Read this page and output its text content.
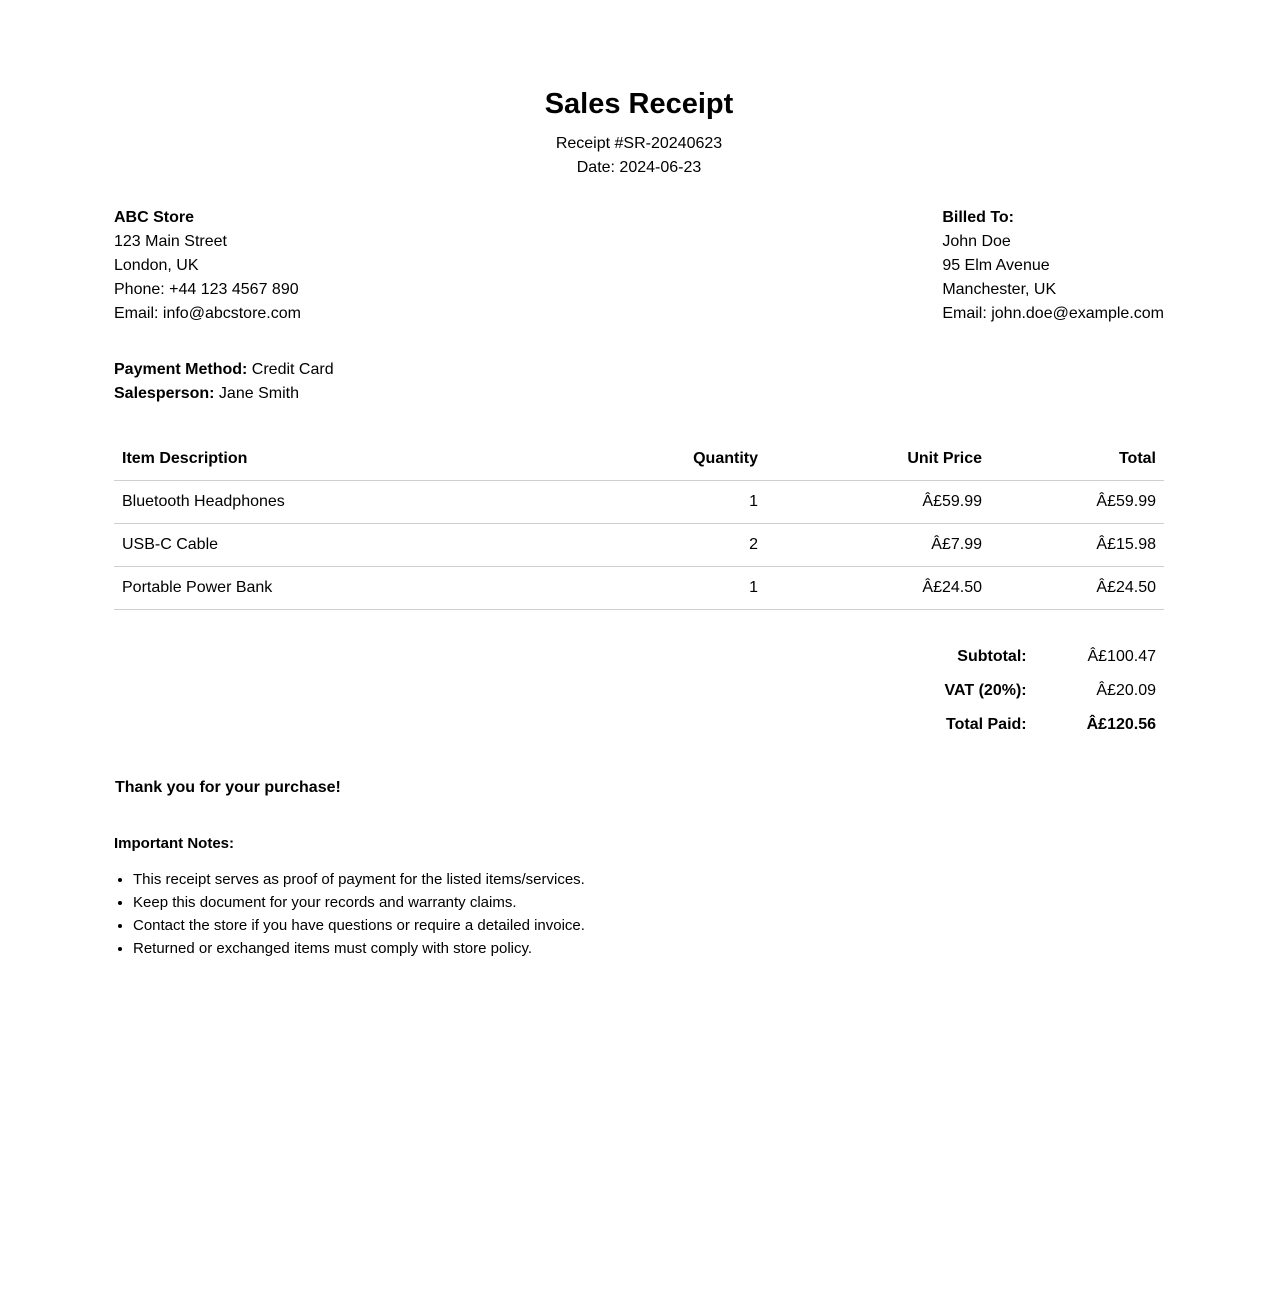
Sales Receipt
Receipt #SR-20240623
Date: 2024-06-23
ABC Store
123 Main Street
London, UK
Phone: +44 123 4567 890
Email: info@abcstore.com
Billed To:
John Doe
95 Elm Avenue
Manchester, UK
Email: john.doe@example.com
Payment Method: Credit Card
Salesperson: Jane Smith
Item Description	Quantity	Unit Price	Total
Bluetooth Headphones	1	Â£59.99	Â£59.99
USB-C Cable	2	Â£7.99	Â£15.98
Portable Power Bank	1	Â£24.50	Â£24.50
Subtotal:	Â£100.47
VAT (20%):	Â£20.09
Total Paid:	Â£120.56
Thank you for your purchase!
Important Notes:
• This receipt serves as proof of payment for the listed items/services.
• Keep this document for your records and warranty claims.
• Contact the store if you have questions or require a detailed invoice.
• Returned or exchanged items must comply with store policy.
